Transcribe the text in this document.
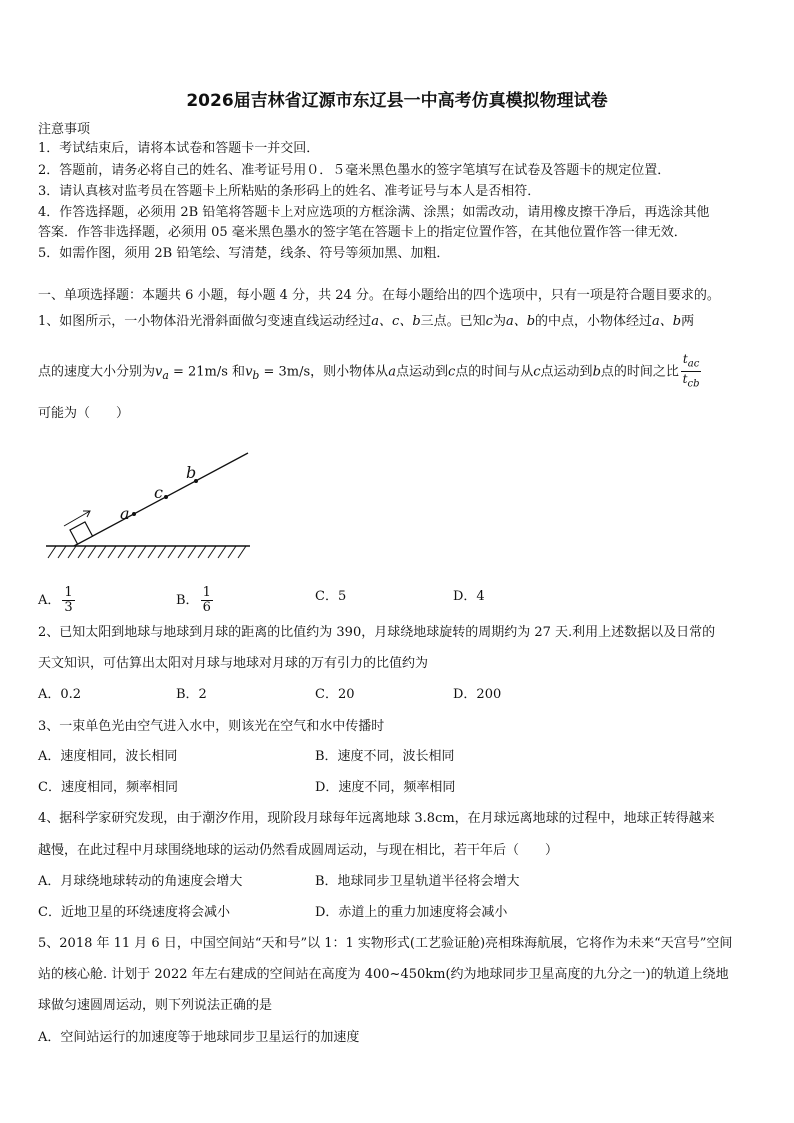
2026届吉林省辽源市东辽县一中高考仿真模拟物理试卷
注意事项
1．考试结束后，请将本试卷和答题卡一并交回．
2．答题前，请务必将自己的姓名、准考证号用０．５毫米黑色墨水的签字笔填写在试卷及答题卡的规定位置．
3．请认真核对监考员在答题卡上所粘贴的条形码上的姓名、准考证号与本人是否相符．
4．作答选择题，必须用 2B 铅笔将答题卡上对应选项的方框涂满、涂黑；如需改动，请用橡皮擦干净后，再选涂其他
答案．作答非选择题，必须用 05 毫米黑色墨水的签字笔在答题卡上的指定位置作答，在其他位置作答一律无效．
5．如需作图，须用 2B 铅笔绘、写清楚，线条、符号等须加黑、加粗．
一、单项选择题：本题共 6 小题，每小题 4 分，共 24 分。在每小题给出的四个选项中，只有一项是符合题目要求的。
1、如图所示，一小物体沿光滑斜面做匀变速直线运动经过a、c、b三点。已知c为a、b的中点，小物体经过a、b两
点的速度大小分别为$v_a = 21m/s$ 和$v_b = 3m/s$，则小物体从a点运动到c点的时间与从c点运动到b点的时间之比 $\frac{t_{ac}}{t_{cb}}$
可能为（　　）
a
c
b
A． $\frac{1}{3}$	B． $\frac{1}{6}$	C．5	D．4
2、已知太阳到地球与地球到月球的距离的比值约为 390，月球绕地球旋转的周期约为 27 天.利用上述数据以及日常的
天文知识，可估算出太阳对月球与地球对月球的万有引力的比值约为
A．0.2	B．2	C．20	D．200
3、一束单色光由空气进入水中，则该光在空气和水中传播时
A．速度相同，波长相同	B．速度不同，波长相同
C．速度相同，频率相同	D．速度不同，频率相同
4、据科学家研究发现，由于潮汐作用，现阶段月球每年远离地球 3.8cm，在月球远离地球的过程中，地球正转得越来
越慢，在此过程中月球围绕地球的运动仍然看成圆周运动，与现在相比，若干年后（　　）
A．月球绕地球转动的角速度会增大	B．地球同步卫星轨道半径将会增大
C．近地卫星的环绕速度将会减小	D．赤道上的重力加速度将会减小
5、2018 年 11 月 6 日，中国空间站“天和号”以 1：1 实物形式(工艺验证舱)亮相珠海航展，它将作为未来“天宫号”空间
站的核心舱. 计划于 2022 年左右建成的空间站在高度为 400~450km(约为地球同步卫星高度的九分之一)的轨道上绕地
球做匀速圆周运动，则下列说法正确的是
A．空间站运行的加速度等于地球同步卫星运行的加速度
